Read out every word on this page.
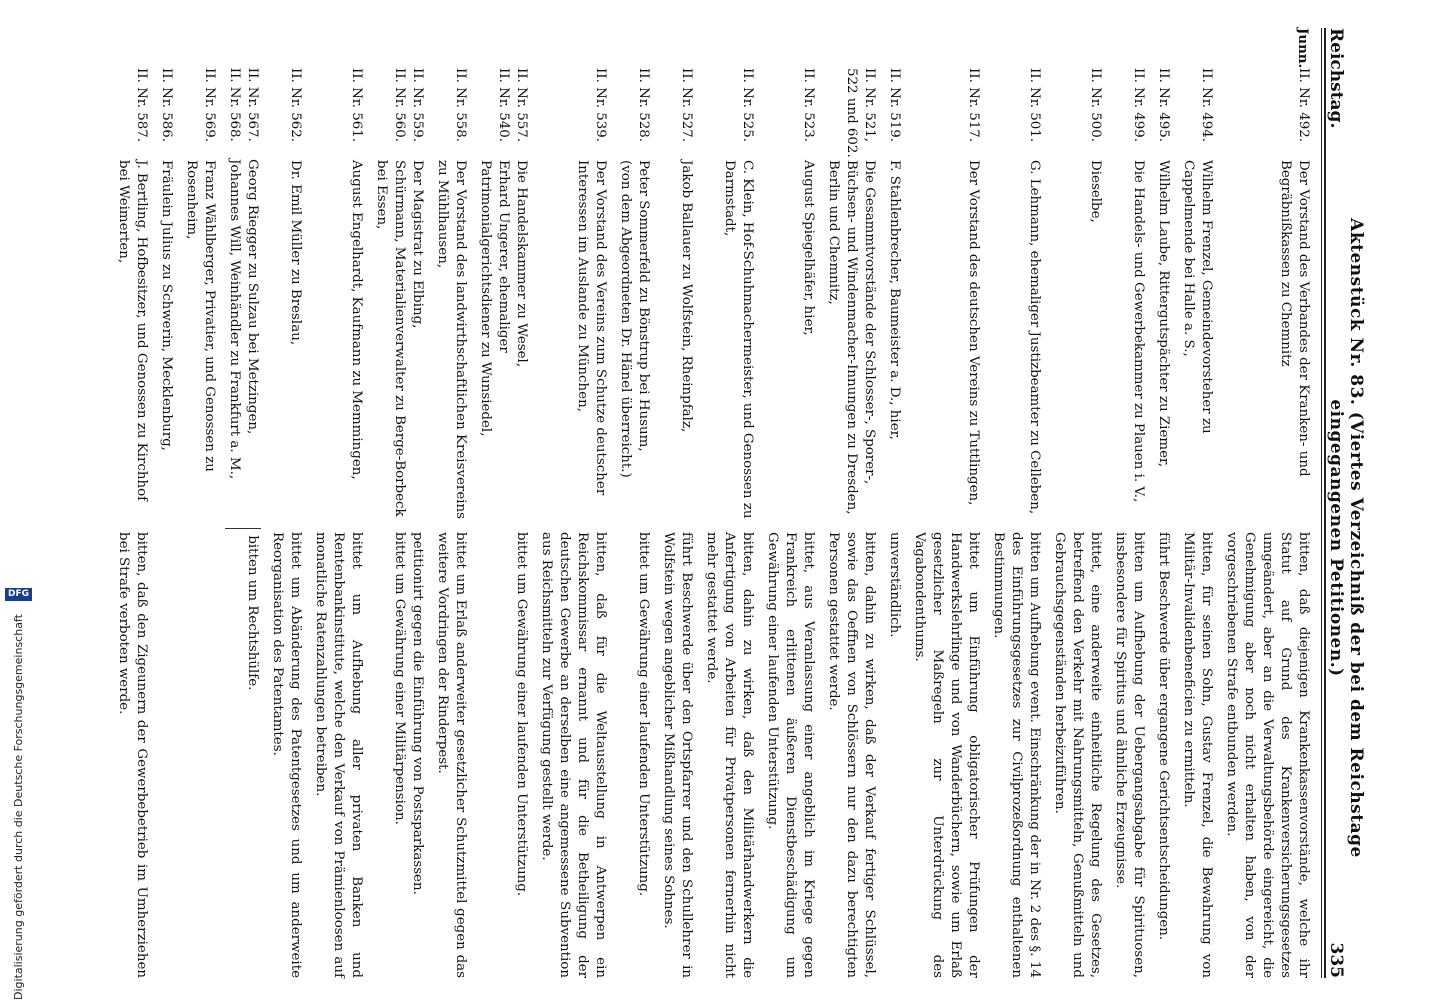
Reichstag.
Aktenstück Nr. 83. (Viertes Verzeichniß der bei dem Reichstage eingegangenen Petitionen.)
335
Junn.
II. Nr. 492.
Der Vorstand des Verbandes der Kranken- und Begräbnißkassen zu Chemnitz
bitten, daß diejenigen Krankenkassenvorstände, welche ihr Statut auf Grund des Krankenversicherungsgesetzes umgeändert, aber an die Verwaltungsbehörde eingereicht, die Genehmigung aber noch nicht erhalten haben, von der vorgeschriebenen Strafe entbunden werden.
II. Nr. 494.
Wilhelm Frenzel, Gemeindevorsteher zu Cappelmende bei Halle a. S.,
bitten, für seinen Sohn, Gustav Frenzel, die Bewahrung von Militär-Invalidenbeneficien zu ermitteln.
II. Nr. 495.
Wilhelm Laube, Rittergutspächter zu Ziemer,
führt Beschwerde über ergangene Gerichtsentscheidungen.
II. Nr. 499.
Die Handels- und Gewerbekammer zu Plauen i. V.,
bitten um Aufhebung der Uebergangsabgabe für Spirituosen, insbesondere für Spiritus und ähnliche Erzeugnisse.
II. Nr. 500.
Dieselbe,
bittet, eine anderweite einheitliche Regelung des Gesetzes, betreffend den Verkehr mit Nahrungsmitteln, Genußmitteln und Gebrauchsgegenständen herbeizuführen.
II. Nr. 501.
G. Lehmann, ehemaliger Justizbeamter zu Celleben,
bitten um Aufhebung event. Einschränkung der in Nr. 2 des §. 14 des Einführungsgesetzes zur Civilprozeßordnung enthaltenen Bestimmungen.
II. Nr. 517.
Der Vorstand des deutschen Vereins zu Tuttlingen,
bittet um Einführung obligatorischer Prüfungen der Handwerkslehrlinge und von Wanderbüchern, sowie um Erlaß gesetzlicher Maßregeln zur Unterdrückung des Vagabondenthums.
II. Nr. 519.
F. Stahlenbrecher, Baumeister a. D., hier,
unverständlich.
II. Nr. 521,
522 und 602.
Die Gesammtvorstände der Schlosser-, Sporer-, Büchsen- und Windenmacher-Innungen zu Dresden, Berlin und Chemnitz,
bitten, dahin zu wirken, daß der Verkauf fertiger Schlüssel, sowie das Oeffnen von Schlössern nur den dazu berechtigten Personen gestattet werde.
II. Nr. 523.
August Spiegelhäfer, hier,
bittet, aus Veranlassung einer angeblich im Kriege gegen Frankreich erlittenen äußeren Dienstbeschädigung um Gewährung einer laufenden Unterstützung.
II. Nr. 525.
C. Klein, Hof-Schuhmachermeister, und Genossen zu Darmstadt,
bitten, dahin zu wirken, daß den Militärhandwerkern die Anfertigung von Arbeiten für Privatpersonen fernerhin nicht mehr gestattet werde.
II. Nr. 527.
Jakob Ballauer zu Wolfstein, Rheinpfalz,
führt Beschwerde über den Ortspfarrer und den Schullehrer in Wolfstein wegen angeblicher Mißhandlung seines Sohnes.
II. Nr. 528.
Peter Sommerfeld zu Bönstrup bei Husum,
(von dem Abgeordneten Dr. Hänel überreicht.)
bittet um Gewährung einer laufenden Unterstützung.
II. Nr. 539.
Der Vorstand des Vereins zum Schutze deutscher Interessen im Auslande zu München,
bitten, daß für die Weltausstellung in Antwerpen ein Reichskommissar ernannt und für die Betheiligung der deutschen Gewerbe an derselben eine angemessene Subvention aus Reichsmitteln zur Verfügung gestellt werde.
II. Nr. 557.
II. Nr. 540.
Die Handelskammer zu Wesel,
Erhard Ungerer, ehemaliger Patrimonialgerichtsdiener zu Wunsiedel,
bittet um Gewährung einer laufenden Unterstützung.
II. Nr. 558.
Der Vorstand des landwirthschaftlichen Kreisvereins zu Mühlhausen,
bittet um Erlaß anderweiter gesetzlicher Schutzmittel gegen das weitere Vordringen der Rinderpest.
II. Nr. 559.
II. Nr. 560.
Der Magistrat zu Elbing,
Schürmann, Materialienverwalter zu Berge-Borbeck bei Essen,
petitionirt gegen die Einführung von Postsparkassen.
bittet um Gewährung einer Militärpension.
II. Nr. 561.
August Engelhardt, Kaufmann zu Memmingen,
bittet um Aufhebung aller privaten Banken und Rentenbankinstitute, welche den Verkauf von Prämienloosen auf monatliche Ratenzahlungen betreiben.
II. Nr. 562.
Dr. Emil Müller zu Breslau,
bittet um Abänderung des Patentgesetzes und um anderweite Reorganisation des Patentamtes.
II. Nr. 567.
II. Nr. 568.
Georg Riegger zu Sulzau bei Metzingen,
Johannes Will, Weinhändler zu Frankfurt a. M.,
bitten um Rechtshülfe.
II. Nr. 569.
Franz Wählberger, Privatier, und Genossen zu Rosenheim,
II. Nr. 586.
Fräulein Julius zu Schwerin, Mecklenburg,
II. Nr. 587.
J. Bertling, Hofbesitzer, und Genossen zu Kirchhof bei Weimerten,
bitten, daß den Zigeunern der Gewerbebetrieb im Umherziehen bei Strafe verboten werde.
Digitalisierung gefördert durch die Deutsche Forschungsgemeinschaft
DFG
